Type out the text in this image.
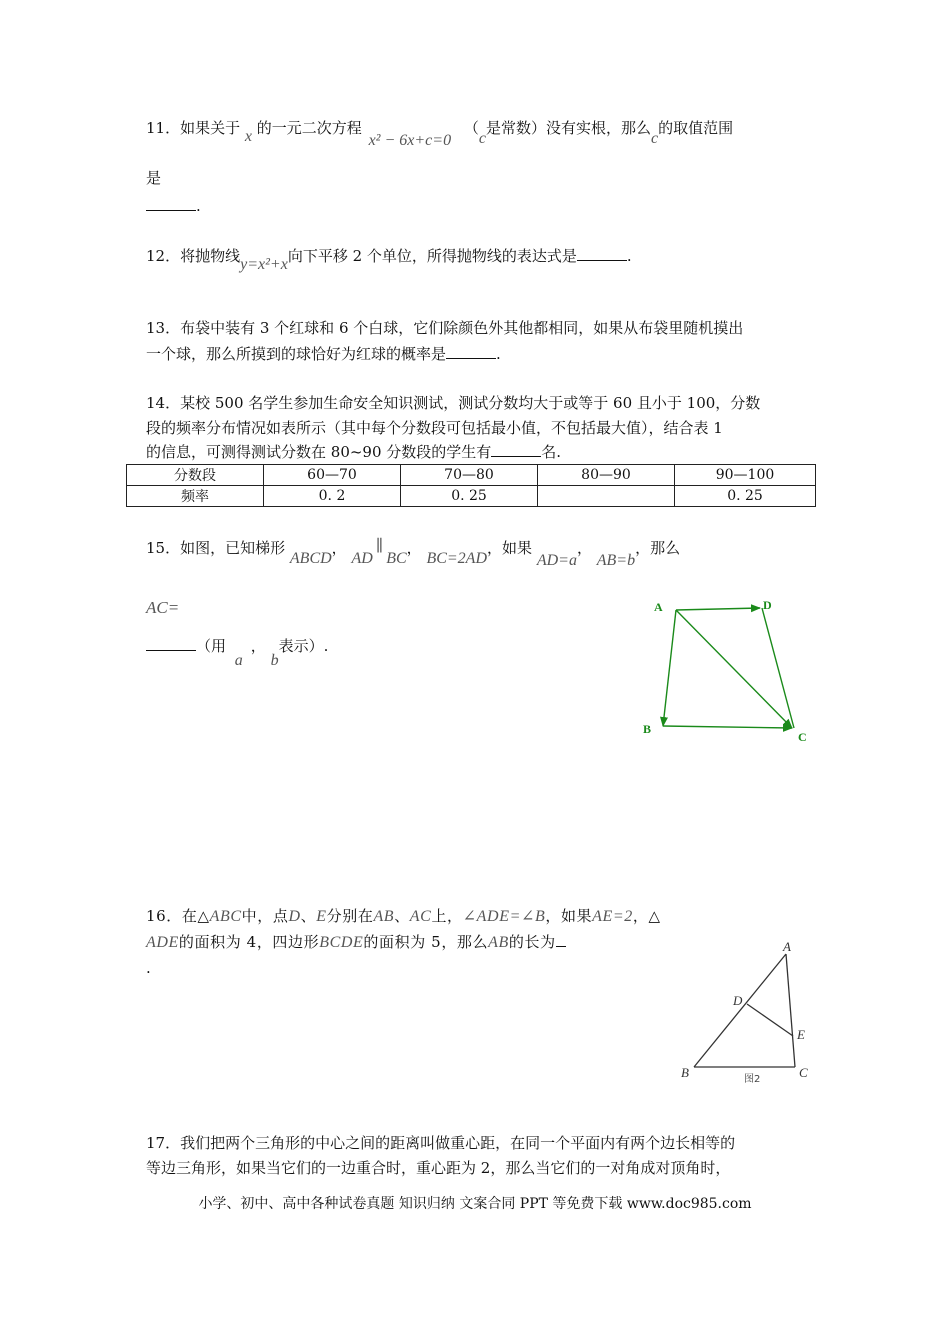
11．如果关于 x 的一元二次方程 x² − 6x+c=0 （c是常数）没有实根，那么c的取值范围
是
.
12．将抛物线y=x²+x向下平移 2 个单位，所得抛物线的表达式是	.
13．布袋中装有 3 个红球和 6 个白球，它们除颜色外其他都相同，如果从布袋里随机摸出
一个球，那么所摸到的球恰好为红球的概率是	.
14．某校 500 名学生参加生命安全知识测试，测试分数均大于或等于 60 且小于 100，分数
段的频率分布情况如表所示（其中每个分数段可包括最小值，不包括最大值），结合表 1
的信息，可测得测试分数在 80~90 分数段的学生有	名.
分数段	60—70	70—80	80—90	90—100
频率	0. 2	0. 25		0. 25
15．如图，已知梯形 ABCD， AD∥BC， BC=2AD，如果 AD=a， AB=b，那么
AC=
（用 a， b表示）.
A	D
B
C
16．在△ABC中，点D、E分别在AB、AC上，∠ADE=∠B，如果AE=2，△
ADE的面积为 4，四边形BCDE的面积为 5，那么AB的长为
.
A
D
E
B	C
图2
17．我们把两个三角形的中心之间的距离叫做重心距，在同一个平面内有两个边长相等的
等边三角形，如果当它们的一边重合时，重心距为 2，那么当它们的一对角成对顶角时，
小学、初中、高中各种试卷真题 知识归纳 文案合同 PPT 等免费下载 www.doc985.com
